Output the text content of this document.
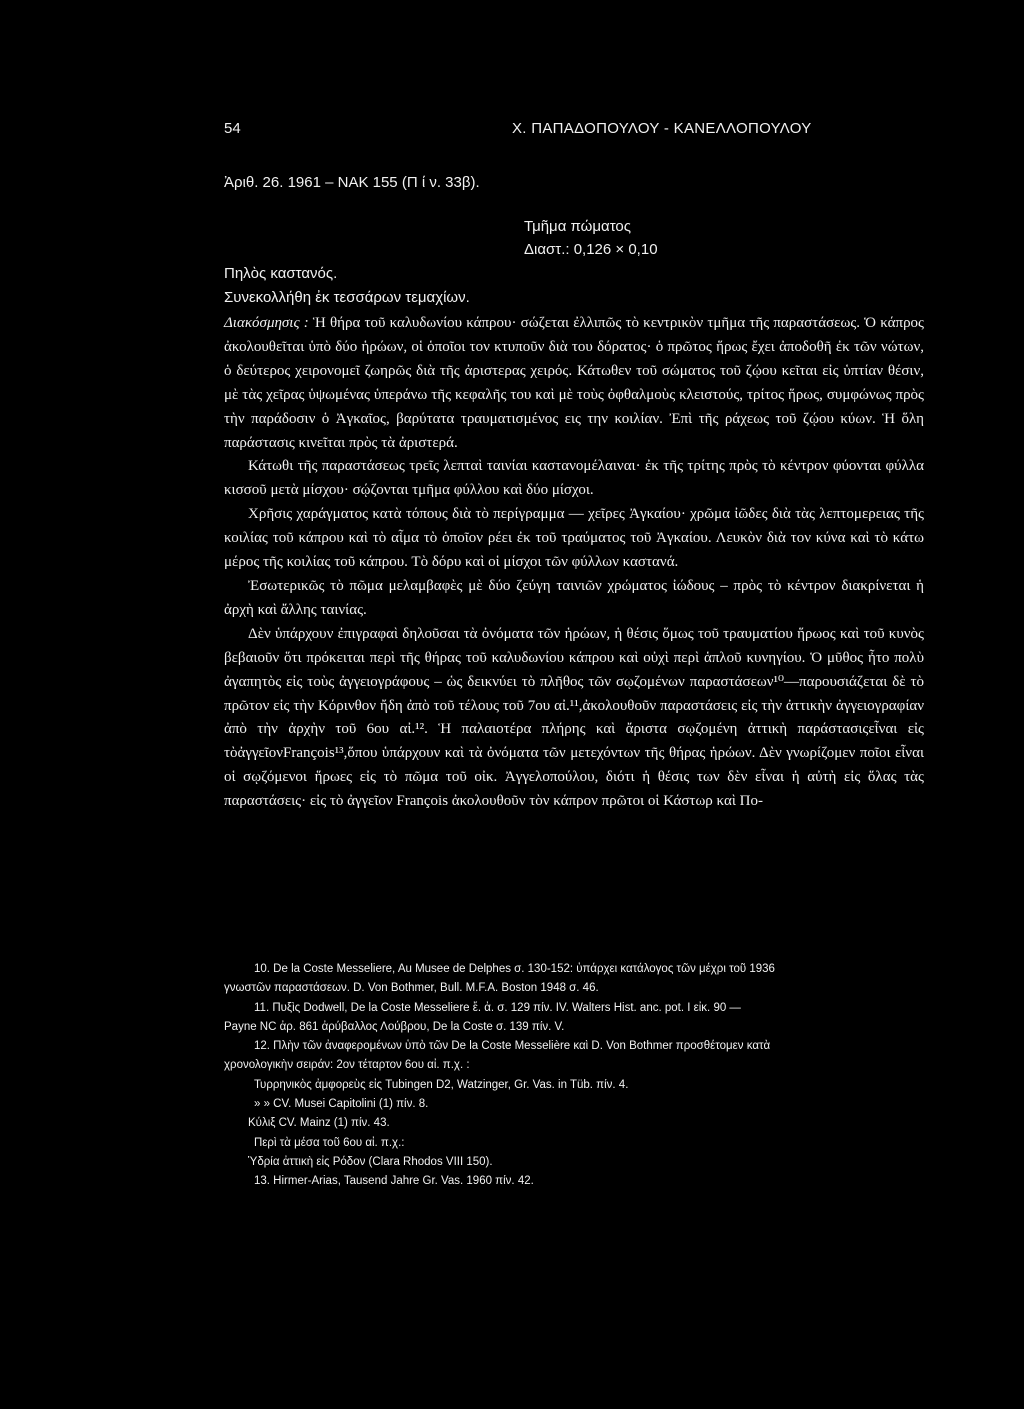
54	Χ. ΠΑΠΑΔΟΠΟΥΛΟΥ - ΚΑΝΕΛΛΟΠΟΥΛΟΥ
Ἀριθ. 26. 1961 – ΝΑΚ 155 (Π ί ν. 33β).
Τμῆμα πώματος
Διαστ.: 0,126 × 0,10
Πηλὸς καστανός.
Συνεκολλήθη ἐκ τεσσάρων τεμαχίων.

Διακόσμησις : Ἡ θήρα τοῦ καλυδωνίου κάπρου· σώζεται ἐλλιπῶς τὸ κεντρικὸν τμῆμα τῆς παραστάσεως. Ὁ κάπρος ἀκολουθεῖται ὑπὸ δύο ἡρώων, οἱ ὁποῖοι τον κτυποῦν διὰ του δόρατος· ὁ πρῶτος ἥρως ἔχει ἀποδοθῆ ἐκ τῶν νώτων, ὁ δεύτερος χειρονομεῖ ζωηρῶς διὰ τῆς ἀριστερας χειρός. Κάτωθεν τοῦ σώματος τοῦ ζῴου κεῖται εἰς ὑπτίαν θέσιν, μὲ τὰς χεῖρας ὑψωμένας ὑπεράνω τῆς κεφαλῆς του καὶ μὲ τοὺς ὀφθαλμοὺς κλειστούς, τρίτος ἥρως, συμφώνως πρὸς τὴν παράδοσιν ὁ Ἀγκαῖος, βαρύτατα τραυματισμένος εις την κοιλίαν. Ἐπὶ τῆς ράχεως τοῦ ζῴου κύων. Ἡ ὅλη παράστασις κινεῖται πρὸς τὰ ἀριστερά.

Κάτωθι τῆς παραστάσεως τρεῖς λεπταὶ ταινίαι καστανομέλαιναι· ἐκ τῆς τρίτης πρὸς τὸ κέντρον φύονται φύλλα κισσοῦ μετὰ μίσχου· σῴζονται τμῆμα φύλλου καὶ δύο μίσχοι.

Χρῆσις χαράγματος κατὰ τόπους διὰ τὸ περίγραμμα — χεῖρες Ἀγκαίου· χρῶμα ἰῶδες διὰ τὰς λεπτομερειας τῆς κοιλίας τοῦ κάπρου καὶ τὸ αἷμα τὸ ὁποῖον ρέει ἐκ τοῦ τραύματος τοῦ Ἀγκαίου. Λευκὸν διὰ τον κύνα καὶ τὸ κάτω μέρος τῆς κοιλίας τοῦ κάπρου. Τὸ δόρυ καὶ οἱ μίσχοι τῶν φύλλων καστανά.

Ἐσωτερικῶς τὸ πῶμα μελαμβαφὲς μὲ δύο ζεύγη ταινιῶν χρώματος ἰώδους – πρὸς τὸ κέντρον διακρίνεται ἡ ἀρχὴ καὶ ἄλλης ταινίας.

Δὲν ὑπάρχουν ἐπιγραφαὶ δηλοῦσαι τὰ ὀνόματα τῶν ἡρώων, ἡ θέσις ὅμως τοῦ τραυματίου ἥρωος καὶ τοῦ κυνὸς βεβαιοῦν ὅτι πρόκειται περὶ τῆς θήρας τοῦ καλυδωνίου κάπρου καὶ οὐχὶ περὶ ἁπλοῦ κυνηγίου. Ὁ μῦθος ἦτο πολὺ ἀγαπητὸς εἰς τοὺς ἀγγειογράφους – ὡς δεικνύει τὸ πλῆθος τῶν σῳζομένων παραστάσεων¹⁰—παρουσιάζεται δὲ τὸ πρῶτον εἰς τὴν Κόρινθον ἤδη ἀπὸ τοῦ τέλους τοῦ 7ου αἰ.¹¹,ἀκολουθοῦν παραστάσεις εἰς τὴν ἀττικὴν ἀγγειογραφίαν ἀπὸ τὴν ἀρχὴν τοῦ 6ου αἰ.¹². Ἡ παλαιοτέρα πλήρης καὶ ἄριστα σῳζομένη ἀττικὴ παράστασιςεἶναι εἰς τὸἀγγεῖονFrançois¹³,ὅπου ὑπάρχουν καὶ τὰ ὀνόματα τῶν μετεχόντων τῆς θήρας ἡρώων. Δὲν γνωρίζομεν ποῖοι εἶναι οἱ σῳζόμενοι ἥρωες εἰς τὸ πῶμα τοῦ οἰκ. Ἀγγελοπούλου, διότι ἡ θέσις των δὲν εἶναι ἡ αὐτὴ εἰς ὅλας τὰς παραστάσεις· εἰς τὸ ἀγγεῖον François ἀκολουθοῦν τὸν κάπρον πρῶτοι οἱ Κάστωρ καὶ Πο-

10. De la Coste Messeliere, Au Musee de Delphes σ. 130-152: ὑπάρχει κατάλογος τῶν μέχρι τοῦ 1936
γνωστῶν παραστάσεων. D. Von Bothmer, Bull. M.F.A. Boston 1948 σ. 46.
11. Πυξὶς Dodwell, De la Coste Messeliere ἔ. ἀ. σ. 129 πίν. IV. Walters Hist. anc. pot. I εἰκ. 90 —
Payne NC ἀρ. 861 ἀρύβαλλος Λούβρου, De la Coste σ. 139 πίν. V.
12. Πλὴν τῶν ἀναφερομένων ὑπὸ τῶν De la Coste Messelière καὶ D. Von Bothmer προσθέτομεν κατὰ
χρονολογικὴν σειράν: 2ον τέταρτον 6ου αἰ. π.χ. :
Τυρρηνικὸς ἀμφορεὺς εἰς Tubingen D2, Watzinger, Gr. Vas. in Tüb. πίν. 4.
» » CV. Musei Capitolini (1) πίν. 8.
Κύλιξ CV. Mainz (1) πίν. 43.
Περὶ τὰ μέσα τοῦ 6ου αἰ. π.χ.:
Ὑδρία ἀττικὴ εἰς Ρόδον (Clara Rhodos VIII 150).
13. Hirmer-Arias, Tausend Jahre Gr. Vas. 1960 πίν. 42.
